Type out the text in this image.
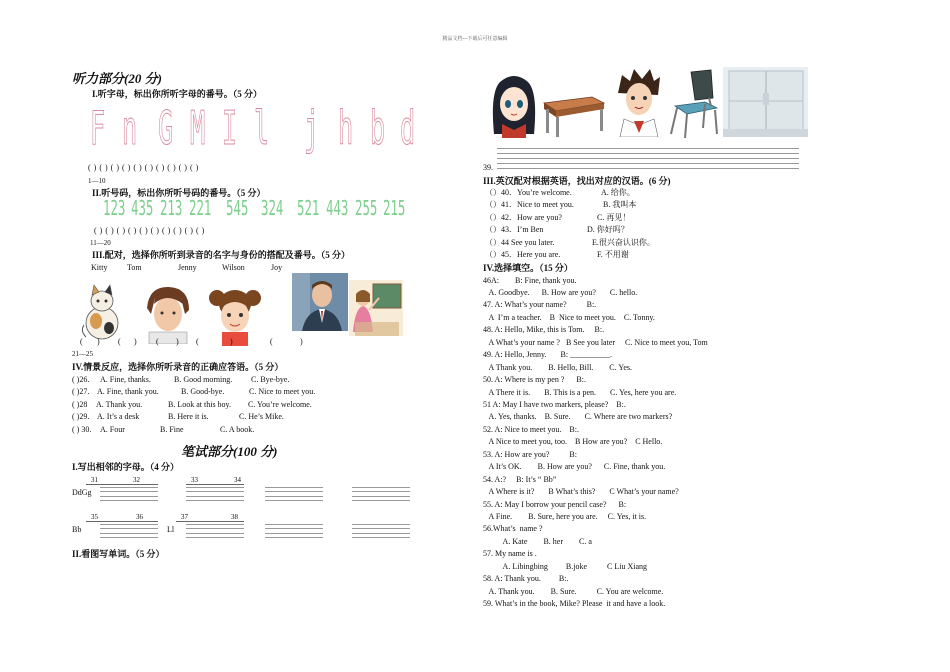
精品文档---下载后可任意编辑
听力部分(20 分)
I.听字母，标出你所听字母的番号。（5 分）
F n G M I l j h b d
( ) ( ) ( ) ( ) ( ) ( ) ( ) ( ) ( ) ( )
1—10
II.听号码，标出你所听号码的番号。（5 分）
123 435 213 221 545 324 521 443 255 215
( ) ( ) ( ) ( ) ( ) ( ) ( ) ( ) ( ) ( )
11—20
III.配对，选择你所听到录音的名字与身份的搭配及番号。（5 分）
Kitty Tom	Jenny	Wilson	Joy
( ) ( ) ( ) (	)	(	)
21—25
IV.情景反应，选择你所听录音的正确应答语。（5 分）
( )26. A. Fine, thanks.	B. Good morning. C. Bye-bye.
( )27. A. Fine, thank you.	B. Good-bye.	C. Nice to meet you.
( )28 A. Thank you.	B. Look at this boy. C. You’re welcome.
( )29. A. It’s a desk	B. Here it is.	C. He’s Mike.
( ) 30. A. Four	B. Fine	C. A book.
笔试部分(100 分)
I.写出相邻的字母。（4 分）
31	32	33	34
DdGg
35	36	37	38
Bb	Ll
II.看图写单词。（5 分）
39.
III.英汉配对根据英语，找出对应的汉语。(6 分)
（）40．You’re welcome.	A. 给你。
（）41．Nice to meet you.	B. 我叫本
（）42．How are you?	C. 再见！
（）43．I’m Ben	D. 你好吗？
（）44 See you later.	E.很兴奋认识你。
（）45．Here you are.	F. 不用谢
IV.选择填空。（15 分）
46A:        B: Fine, thank you.
A. Goodbye.      B. How are you?       C. hello.
47. A: What’s your name?          B:.
A  I’m a teacher.    B  Nice to meet you.    C. Tonny.
48. A: Hello, Mike, this is Tom.     B:.
A What’s your name ?   B See you later     C. Nice to meet you, Tom
49. A: Hello, Jenny.       B: __________.
A Thank you.        B. Hello, Bill.        C. Yes.
50. A: Where is my pen ?      B:.
A There it is.       B. This is a pen.       C. Yes, here you are.
51 A: May I have two markers, please?    B:.
A. Yes, thanks.    B. Sure.       C. Where are two markers?
52. A: Nice to meet you.    B:.
A Nice to meet you, too.    B How are you?    C Hello.
53. A: How are you?          B:
A It’s OK.        B. How are you?      C. Fine, thank you.
54. A:?     B: It’s “ Bb”
A Where is it?       B What’s this?       C What’s your name?
55. A: May I borrow your pencil case?      B:
A Fine.        B. Sure, here you are.     C. Yes, it is.
56.What’s  name ?
A. Kate        B. her        C. a
57. My name is .
A. Libingbing         B.joke          C Liu Xiang
58. A: Thank you.         B:.
A. Thank you.        B. Sure.          C. You are welcome.
59. What’s in the book, Mike? Please  it and have a look.
